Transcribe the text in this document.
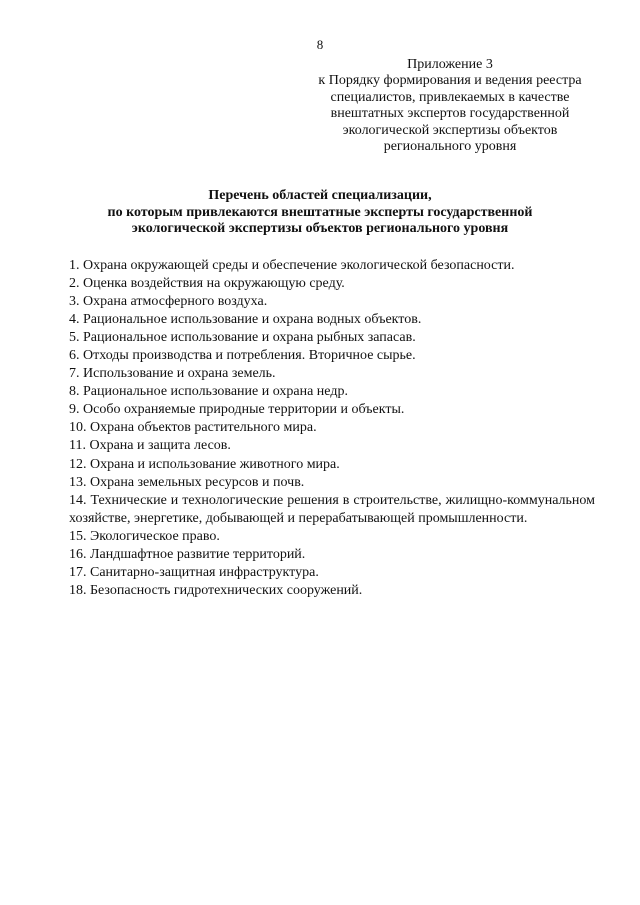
8
Приложение 3
к Порядку формирования и ведения реестра
специалистов, привлекаемых в качестве
внештатных экспертов государственной
экологической экспертизы объектов
регионального уровня
Перечень областей специализации,
по которым привлекаются внештатные эксперты государственной
экологической экспертизы объектов регионального уровня
1. Охрана окружающей среды и обеспечение экологической безопасности.
2. Оценка воздействия на окружающую среду.
3. Охрана атмосферного воздуха.
4. Рациональное использование и охрана водных объектов.
5. Рациональное использование и охрана рыбных запасав.
6. Отходы производства и потребления. Вторичное сырье.
7. Использование и охрана земель.
8. Рациональное использование и охрана недр.
9. Особо охраняемые природные территории и объекты.
10. Охрана объектов растительного мира.
11. Охрана и защита лесов.
12. Охрана и использование животного мира.
13. Охрана земельных ресурсов и почв.
14. Технические и технологические решения в строительстве, жилищно-коммунальном хозяйстве, энергетике, добывающей и перерабатывающей промышленности.
15. Экологическое право.
16. Ландшафтное развитие территорий.
17. Санитарно-защитная инфраструктура.
18. Безопасность гидротехнических сооружений.
